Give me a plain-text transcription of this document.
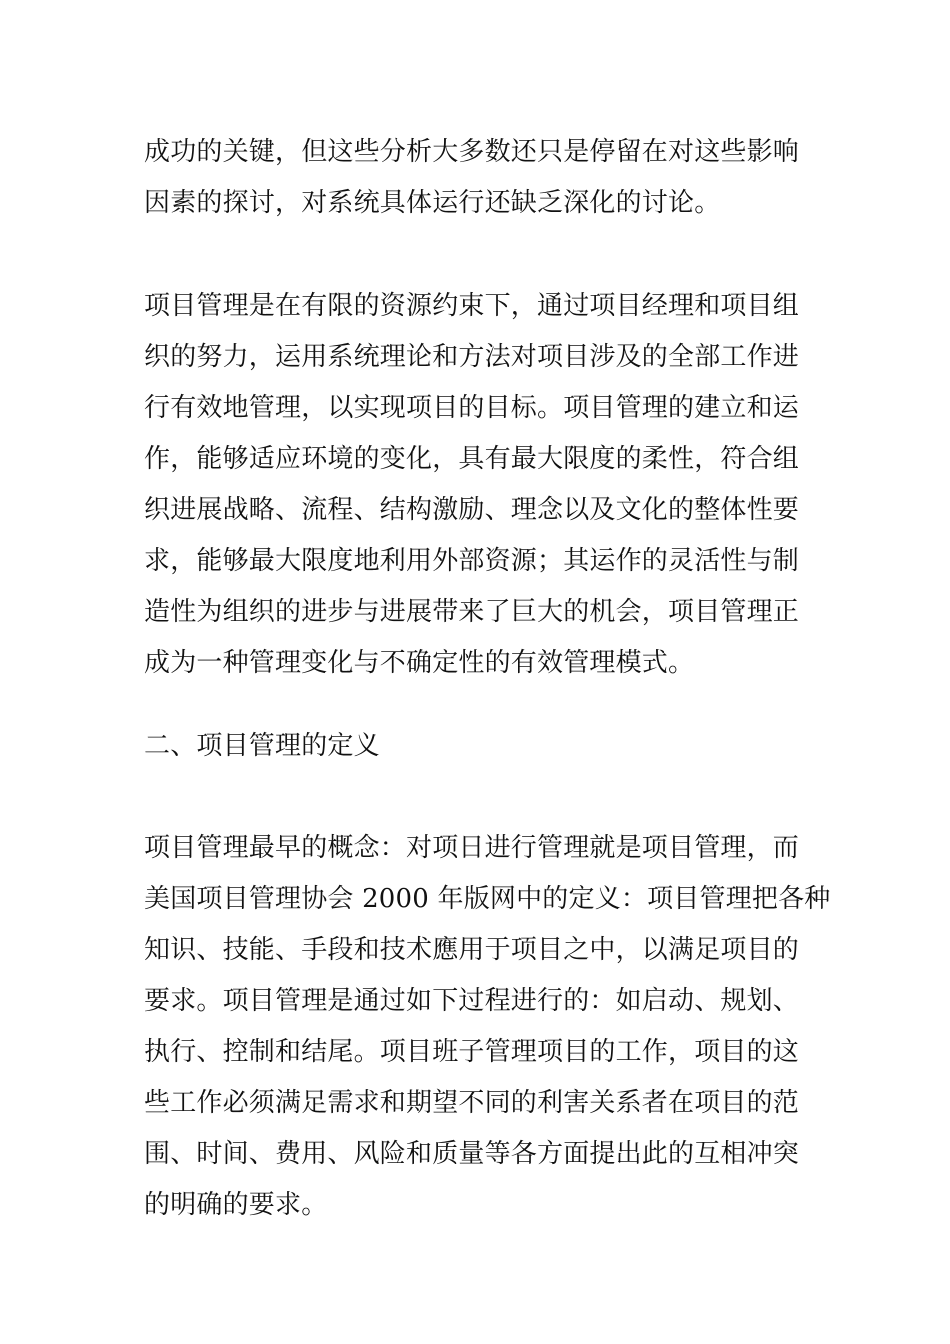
成功的关键，但这些分析大多数还只是停留在对这些影响
因素的探讨，对系统具体运行还缺乏深化的讨论。
项目管理是在有限的资源约束下，通过项目经理和项目组
织的努力，运用系统理论和方法对项目涉及的全部工作进
行有效地管理，以实现项目的目标。项目管理的建立和运
作，能够适应环境的变化，具有最大限度的柔性，符合组
织进展战略、流程、结构激励、理念以及文化的整体性要
求，能够最大限度地利用外部资源；其运作的灵活性与制
造性为组织的进步与进展带来了巨大的机会，项目管理正
成为一种管理变化与不确定性的有效管理模式。
二、项目管理的定义
项目管理最早的概念：对项日进行管理就是项目管理，而
美国项目管理协会 2000 年版网中的定义：项目管理把各种
知识、技能、手段和技术應用于项目之中，以满足项目的
要求。项目管理是通过如下过程进行的：如启动、规划、
执行、控制和结尾。项目班子管理项目的工作，项目的这
些工作必须满足需求和期望不同的利害关系者在项目的范
围、时间、费用、风险和质量等各方面提出此的互相冲突
的明确的要求。
